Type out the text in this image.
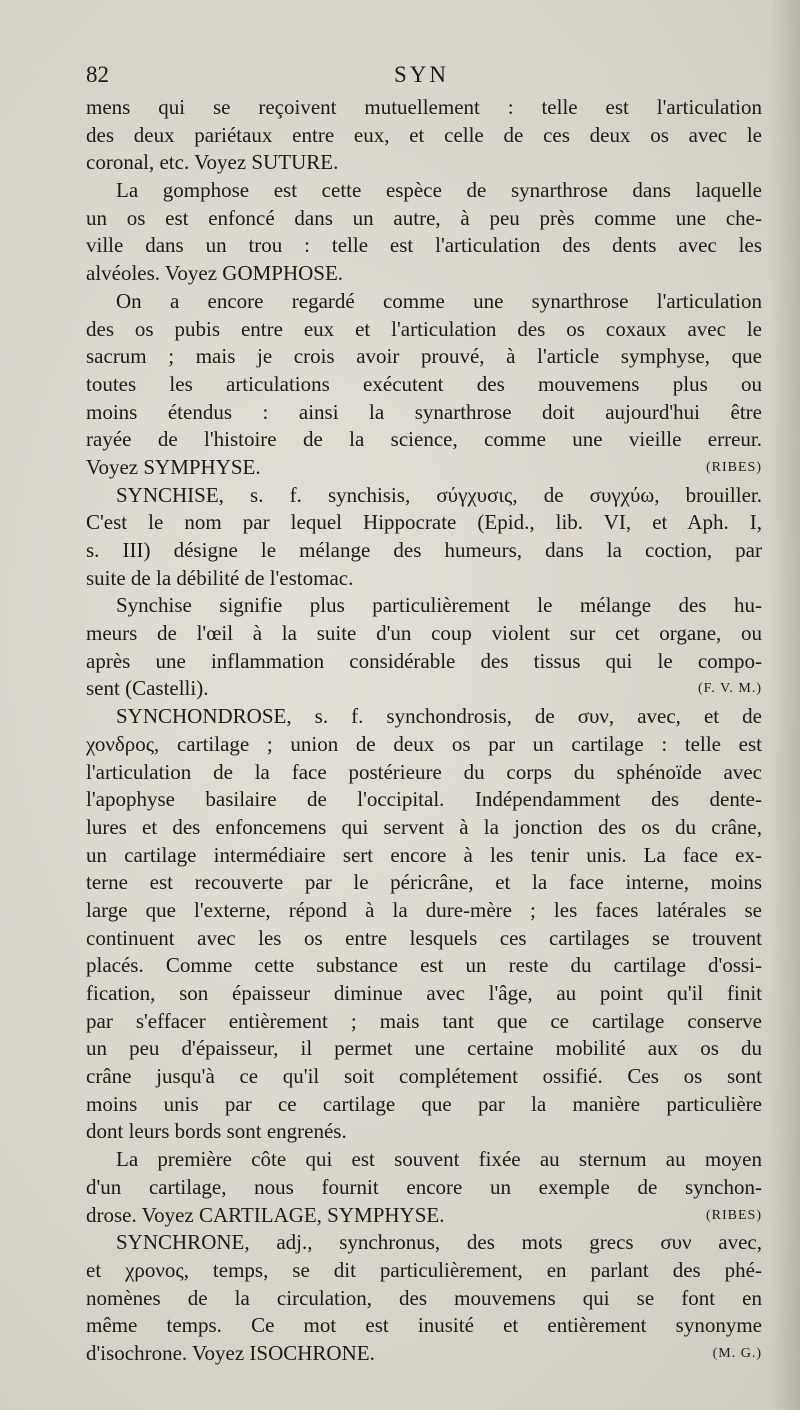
82	SYN
mens qui se reçoivent mutuellement : telle est l'articulation
des deux pariétaux entre eux, et celle de ces deux os avec le
coronal, etc. Voyez SUTURE.
La gomphose est cette espèce de synarthrose dans laquelle
un os est enfoncé dans un autre, à peu près comme une che-
ville dans un trou : telle est l'articulation des dents avec les
alvéoles. Voyez GOMPHOSE.
On a encore regardé comme une synarthrose l'articulation
des os pubis entre eux et l'articulation des os coxaux avec le
sacrum ; mais je crois avoir prouvé, à l'article symphyse, que
toutes les articulations exécutent des mouvemens plus ou
moins étendus : ainsi la synarthrose doit aujourd'hui être
rayée de l'histoire de la science, comme une vieille erreur.
(RIBES)
Voyez SYMPHYSE.
SYNCHISE, s. f. synchisis, σύγχυσις, de συγχύω, brouiller.
C'est le nom par lequel Hippocrate (Epid., lib. VI, et Aph. I,
s. III) désigne le mélange des humeurs, dans la coction, par
suite de la débilité de l'estomac.
Synchise signifie plus particulièrement le mélange des hu-
meurs de l'œil à la suite d'un coup violent sur cet organe, ou
après une inflammation considérable des tissus qui le compo-
(F. V. M.)
sent (Castelli).
SYNCHONDROSE, s. f. synchondrosis, de συν, avec, et de
χονδρος, cartilage ; union de deux os par un cartilage : telle est
l'articulation de la face postérieure du corps du sphénoïde avec
l'apophyse basilaire de l'occipital. Indépendamment des dente-
lures et des enfoncemens qui servent à la jonction des os du crâne,
un cartilage intermédiaire sert encore à les tenir unis. La face ex-
terne est recouverte par le péricrâne, et la face interne, moins
large que l'externe, répond à la dure-mère ; les faces latérales se
continuent avec les os entre lesquels ces cartilages se trouvent
placés. Comme cette substance est un reste du cartilage d'ossi-
fication, son épaisseur diminue avec l'âge, au point qu'il finit
par s'effacer entièrement ; mais tant que ce cartilage conserve
un peu d'épaisseur, il permet une certaine mobilité aux os du
crâne jusqu'à ce qu'il soit complétement ossifié. Ces os sont
moins unis par ce cartilage que par la manière particulière
dont leurs bords sont engrenés.
La première côte qui est souvent fixée au sternum au moyen
d'un cartilage, nous fournit encore un exemple de synchon-
(RIBES)
drose. Voyez CARTILAGE, SYMPHYSE.
SYNCHRONE, adj., synchronus, des mots grecs συν avec,
et χρονος, temps, se dit particulièrement, en parlant des phé-
nomènes de la circulation, des mouvemens qui se font en
même temps. Ce mot est inusité et entièrement synonyme
(M. G.)
d'isochrone. Voyez ISOCHRONE.
